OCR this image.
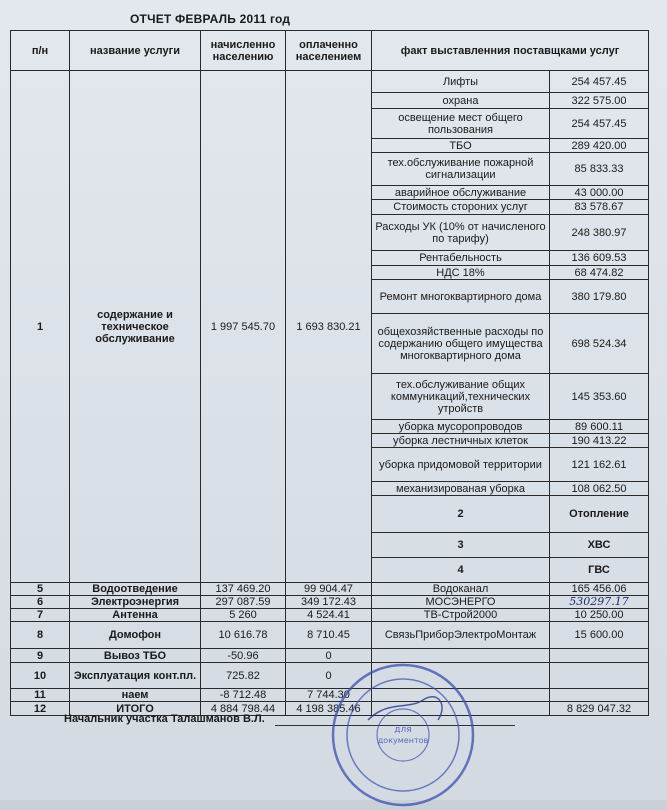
ОТЧЕТ ФЕВРАЛЬ 2011 год
п/н	название услуги	начисленно населению	оплаченно населением	факт выставленния поставщками услуг		
1	содержание и техническое обслуживание	1 997 545.70	1 693 830.21	Лифты	254 457.45	
				охрана	322 575.00	
				освещение мест общего пользования	254 457.45	
				ТБО	289 420.00	
				тех.обслуживание пожарной сигнализации	85 833.33	
				аварийное обслуживание	43 000.00	
				Стоимость сторониx услуг	83 578.67	
				Расходы УК (10% от начисленого по тарифу)	248 380.97	
				Рентабельность	136 609.53	
				НДС 18%	68 474.82	
				Ремонт многоквартирного дома	380 179.80	
				общехозяйственные расходы по содержанию общего имущества многоквартирного дома	698 524.34	
				тех.обслуживание общих коммуникаций,технических утройств	145 353.60	
				уборка мусоропроводов	89 600.11	
				уборка лестничных клеток	190 413.22	
				уборка придомовой территории	121 162.61	
				механизированая уборка	108 062.50	
				2	Отопление				
				3	ХВС				
				4	ГВС				
5	Водоотведение	137 469.20	99 904.47	Водоканал	165 456.06	
6	Электроэнергия	297 087.59	349 172.43	МОСЭНЕРГО	530297.17	
7	Антенна	5 260	4 524.41	ТВ-Строй2000	10 250.00	
8	Домофон	10 616.78	8 710.45	СвязьПриборЭлектроМонтаж	15 600.00	
9	Вывоз ТБО	-50.96	0			
10	Эксплуатация конт.пл.	725.82	0			
11	наем	-8 712.48	7 744.30			
12	ИТОГО	4 884 798.44	4 198 385.46		8 829 047.32	
Начальник участка Талашманов В.Л.
для
документов
